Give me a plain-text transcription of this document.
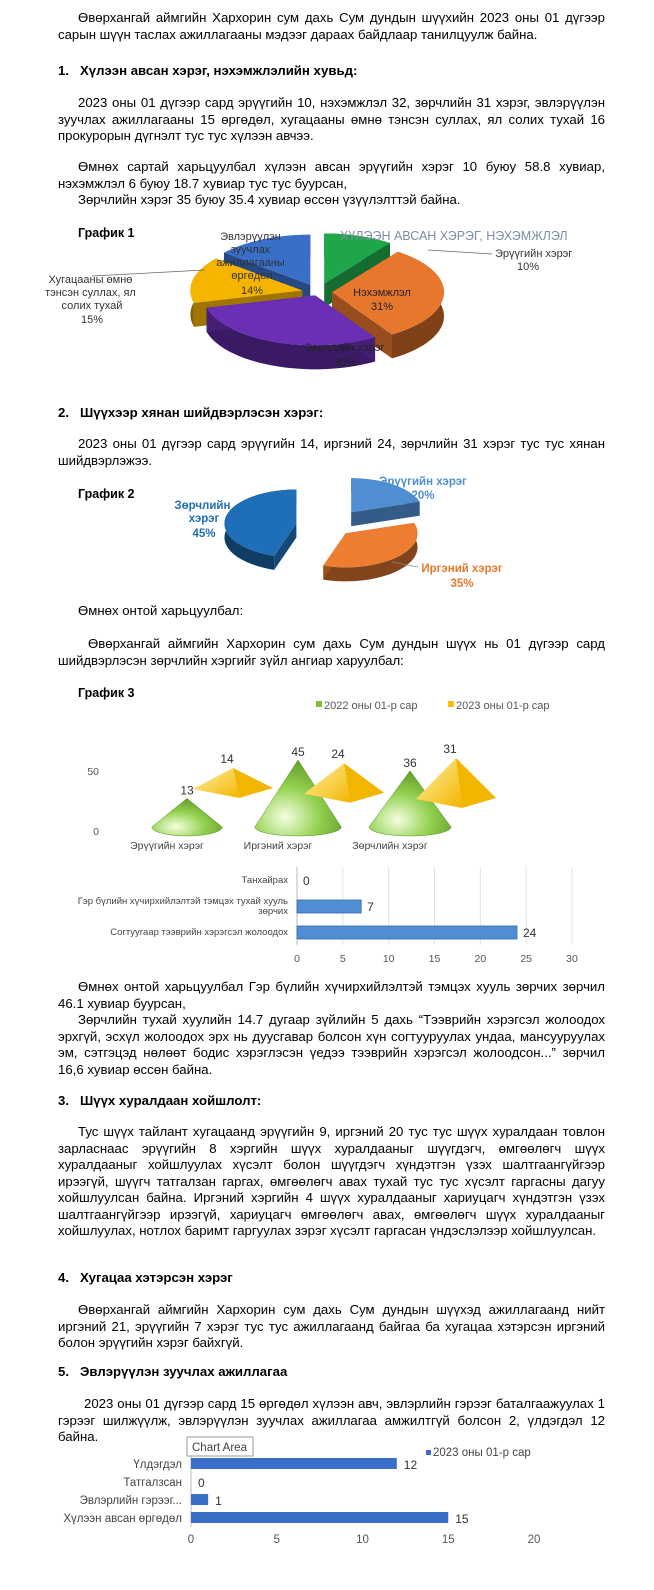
Өвөрхангай аймгийн Хархорин сум дахь Сум дундын шүүхийн 2023 оны 01 дүгээр сарын шүүн таслах ажиллагааны мэдээг дараах байдлаар танилцуулж байна.

1. Хүлээн авсан хэрэг, нэхэмжлэлийн хувьд:

2023 оны 01 дүгээр сард эрүүгийн 10, нэхэмжлэл 32, зөрчлийн 31 хэрэг, эвлэрүүлэн зуучлах ажиллагааны 15 өргөдөл, хугацааны өмнө тэнсэн суллах, ял солих тухай 16 прокурорын дүгнэлт тус тус хүлээн авчээ.

Өмнөх сартай харьцуулбал хүлээн авсан эрүүгийн хэрэг 10 буюу 58.8 хувиар, нэхэмжлэл 6 буюу 18.7 хувиар тус тус буурсан,

Зөрчлийн хэрэг 35 буюу 35.4 хувиар өссөн үзүүлэлттэй байна.

График 1	ХҮЛЭЭН АВСАН ХЭРЭГ, НЭХЭМЖЛЭЛ
Эрүүгийн хэрэг
10%
Нэхэмжлэл
31%
Зөрчлийн хэрэг
30%
Хугацааны өмнө тэнсэн суллах, ял солих тухай
15%
Эвлэрүүлэн зуучлах ажиллагааны өргөдөл
14%
2. Шүүхээр хянан шийдвэрлэсэн хэрэг:

2023 оны 01 дүгээр сард эрүүгийн 14, иргэний 24, зөрчлийн 31 хэрэг тус тус хянан шийдвэрлэжээ.

График 2
Эрүүгийн хэрэг
20%
Иргэний хэрэг
35%
Зөрчлийн хэрэг
45%

Өмнөх онтой харьцуулбал:

Өвөрхангай аймгийн Хархорин сум дахь Сум дундын шүүх нь 01 дүгээр сард шийдвэрлэсэн зөрчлийн хэргийг зүйл ангиар харуулбал:

График 3
2022 оны 01-р сар	2023 оны 01-р сар
50
0
13
14
Эрүүгийн хэрэг
45 24
Иргэний хэрэг
36
31
Зөрчлийн хэрэг
0	5	10	15	20	25	30
0
7
24
Танхайрах
Гэр бүлийн хүчирхийлэлтэй тэмцэх тухай хууль зөрчих
Согтуугаар тээврийн хэрэгсэл жолоодох

Өмнөх онтой харьцуулбал Гэр бүлийн хүчирхийлэлтэй тэмцэх хууль зөрчих зөрчил 46.1 хувиар буурсан,

Зөрчлийн тухай хуулийн 14.7 дугаар зүйлийн 5 дахь “Тээврийн хэрэгсэл жолоодох эрхгүй, эсхүл жолоодох эрх нь дуусгавар болсон хүн согтууруулах ундаа, мансууруулах эм, сэтгэцэд нөлөөт бодис хэрэглэсэн үедээ тээврийн хэрэгсэл жолоодсон...” зөрчил 16,6 хувиар өссөн байна.

3. Шүүх хуралдаан хойшлолт:

Тус шүүх тайлант хугацаанд эрүүгийн 9, иргэний 20 тус тус шүүх хуралдаан товлон зарласнаас эрүүгийн 8 хэргийн шүүх хуралдааныг шүүгдэгч, өмгөөлөгч шүүх хуралдааныг хойшлуулах хүсэлт болон шүүгдэгч хүндэтгэн үзэх шалтгаангүйгээр ирээгүй, шүүгч татгалзан гаргах, өмгөөлөгч авах тухай тус тус хүсэлт гаргасны дагуу хойшлуулсан байна. Иргэний хэргийн 4 шүүх хуралдааныг хариуцагч хүндэтгэн үзэх шалтгаангүйгээр ирээгүй, хариуцагч өмгөөлөгч авах, өмгөөлөгч шүүх хуралдааныг хойшлуулах, нотлох баримт гаргуулах зэрэг хүсэлт гаргасан үндэслэлээр хойшлуулсан.

4. Хугацаа хэтэрсэн хэрэг

Өвөрхангай аймгийн Хархорин сум дахь Сум дундын шүүхэд ажиллагаанд нийт иргэний 21, эрүүгийн 7 хэрэг тус тус ажиллагаанд байгаа ба хугацаа хэтэрсэн иргэний болон эрүүгийн хэрэг байхгүй.

5. Эвлэрүүлэн зуучлах ажиллагаа

2023 оны 01 дүгээр сард 15 өргөдөл хүлээн авч, эвлэрлийн гэрээг баталгаажуулах 1 гэрээг шилжүүлж, эвлэрүүлэн зуучлах ажиллагаа амжилтгүй болсон 2, үлдэгдэл 12 байна.

0	5	10	15	20
12
Үлдэгдэл
0
Татгалзсан
1
Эвлэрлийн гэрээг...
15
Хүлээн авсан өргөдөл
2023 оны 01-р сар
Chart Area
